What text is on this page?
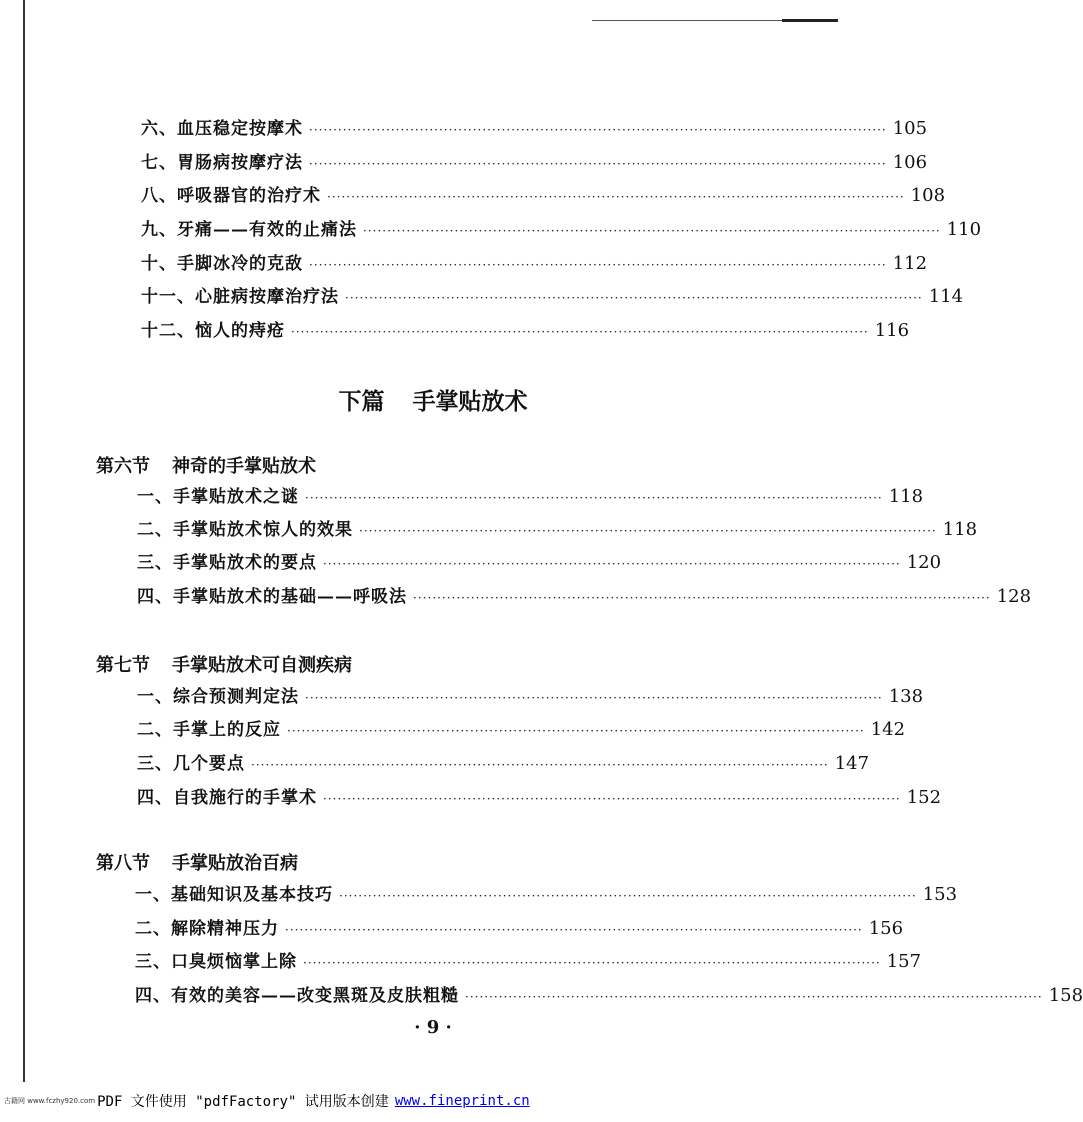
六、血压稳定按摩术 ························································································································ 105
七、胃肠病按摩疗法 ························································································································ 106
八、呼吸器官的治疗术 ························································································································ 108
九、牙痛——有效的止痛法 ························································································································ 110
十、手脚冰冷的克敌 ························································································································ 112
十一、心脏病按摩治疗法 ························································································································ 114
十二、恼人的痔疮 ························································································································ 116
下篇 手掌贴放术
第六节 神奇的手掌贴放术
一、手掌贴放术之谜 ························································································································ 118
二、手掌贴放术惊人的效果 ························································································································ 118
三、手掌贴放术的要点 ························································································································ 120
四、手掌贴放术的基础——呼吸法 ························································································································ 128
第七节 手掌贴放术可自测疾病
一、综合预测判定法 ························································································································ 138
二、手掌上的反应 ························································································································ 142
三、几个要点 ························································································································ 147
四、自我施行的手掌术 ························································································································ 152
第八节 手掌贴放治百病
一、基础知识及基本技巧 ························································································································ 153
二、解除精神压力 ························································································································ 156
三、口臭烦恼掌上除 ························································································································ 157
四、有效的美容——改变黑斑及皮肤粗糙 ························································································································ 158
· 9 ·
古籍网 www.fczhy920.com PDF 文件使用 "pdfFactory" 试用版本创建 www.fineprint.cn
